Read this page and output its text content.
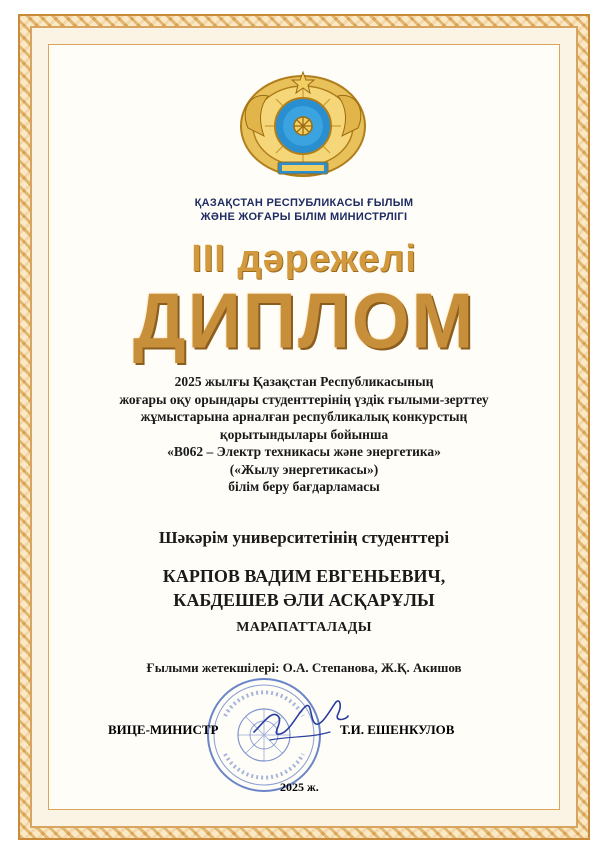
ҚАЗАҚСТАН РЕСПУБЛИКАСЫ ҒЫЛЫМ
ЖӘНЕ ЖОҒАРЫ БІЛІМ МИНИСТРЛІГІ
ІІІ дәрежелі
ДИПЛОМ
2025 жылғы Қазақстан Республикасының
жоғары оқу орындары студенттерінің үздік ғылыми-зерттеу
жұмыстарына арналған республикалық конкурстың
қорытындылары бойынша
«В062 – Электр техникасы және энергетика»
(«Жылу энергетикасы»)
білім беру бағдарламасы
Шәкәрім университетінің студенттері
КАРПОВ ВАДИМ ЕВГЕНЬЕВИЧ,
КАБДЕШЕВ ӘЛИ АСҚАРҰЛЫ
МАРАПАТТАЛАДЫ
Ғылыми жетекшілері: О.А. Степанова, Ж.Қ. Акишов
ВИЦЕ-МИНИСТР	Т.И. ЕШЕНКУЛОВ
2025 ж.
